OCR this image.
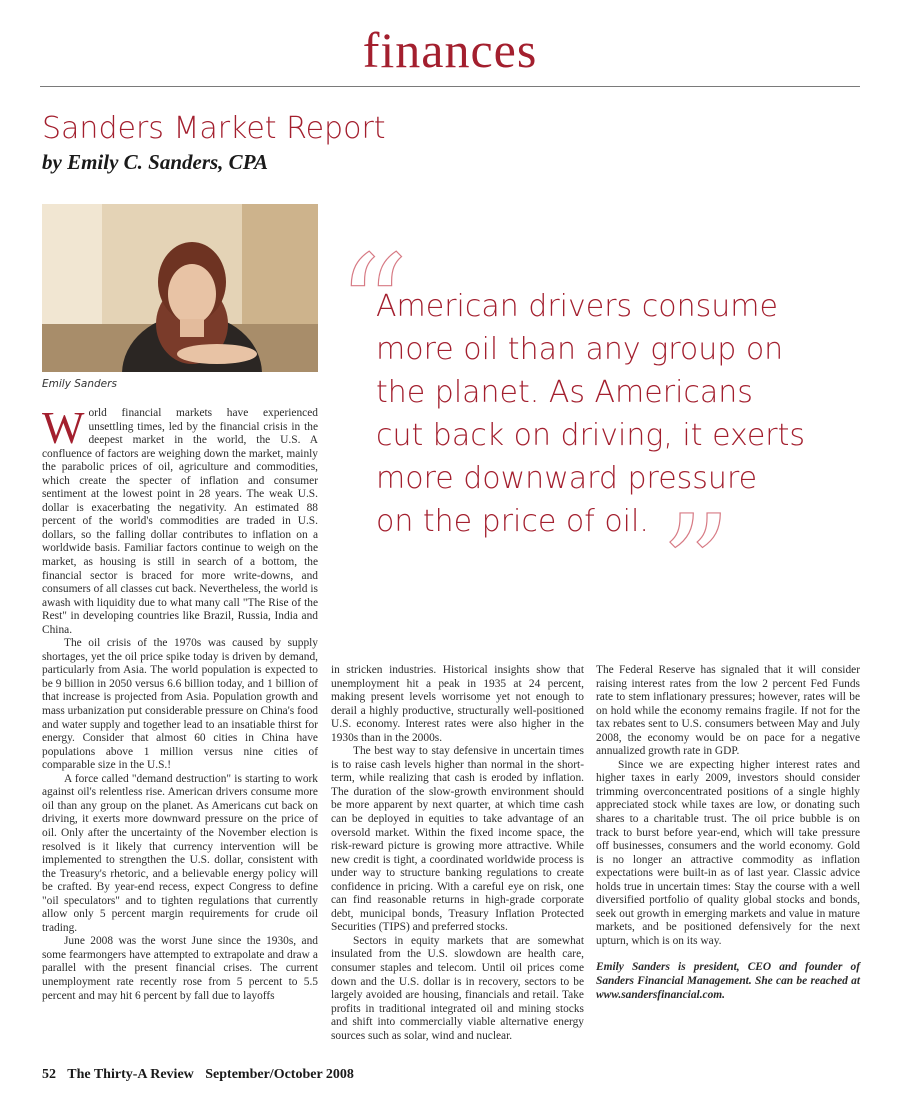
finances
Sanders Market Report
by Emily C. Sanders, CPA
Emily Sanders “
American drivers consume
more oil than any group on
the planet. As Americans
cut back on driving, it exerts
more downward pressure
on the price of oil. ”

World financial markets have experienced unsettling times, led by the financial crisis in the deepest market in the world, the U.S. A confluence of factors are weighing down the market, mainly the parabolic prices of oil, agriculture and commodities, which create the specter of inflation and consumer sentiment at the lowest point in 28 years. The weak U.S. dollar is exacerbating the negativity. An estimated 88 percent of the world's commodities are traded in U.S. dollars, so the falling dollar contributes to inflation on a worldwide basis. Familiar factors continue to weigh on the market, as housing is still in search of a bottom, the financial sector is braced for more write-downs, and consumers of all classes cut back. Nevertheless, the world is awash with liquidity due to what many call "The Rise of the Rest" in developing countries like Brazil, Russia, India and China.

The oil crisis of the 1970s was caused by supply shortages, yet the oil price spike today is driven by demand, particularly from Asia. The world population is expected to be 9 billion in 2050 versus 6.6 billion today, and 1 billion of that increase is projected from Asia. Population growth and mass urbanization put considerable pressure on China's food and water supply and together lead to an insatiable thirst for energy. Consider that almost 60 cities in China have populations above 1 million versus nine cities of comparable size in the U.S.!

A force called "demand destruction" is starting to work against oil's relentless rise. American drivers consume more oil than any group on the planet. As Americans cut back on driving, it exerts more downward pressure on the price of oil. Only after the uncertainty of the November election is resolved is it likely that currency intervention will be implemented to strengthen the U.S. dollar, consistent with the Treasury's rhetoric, and a believable energy policy will be crafted. By year-end recess, expect Congress to define "oil speculators" and to tighten regulations that currently allow only 5 percent margin requirements for crude oil trading.

June 2008 was the worst June since the 1930s, and some fearmongers have attempted to extrapolate and draw a parallel with the present financial crises. The current unemployment rate recently rose from 5 percent to 5.5 percent and may hit 6 percent by fall due to layoffs

in stricken industries. Historical insights show that unemployment hit a peak in 1935 at 24 percent, making present levels worrisome yet not enough to derail a highly productive, structurally well-positioned U.S. economy. Interest rates were also higher in the 1930s than in the 2000s.

The best way to stay defensive in uncertain times is to raise cash levels higher than normal in the short-term, while realizing that cash is eroded by inflation. The duration of the slow-growth environment should be more apparent by next quarter, at which time cash can be deployed in equities to take advantage of an oversold market. Within the fixed income space, the risk-reward picture is growing more attractive. While new credit is tight, a coordinated worldwide process is under way to structure banking regulations to create confidence in pricing. With a careful eye on risk, one can find reasonable returns in high-grade corporate debt, municipal bonds, Treasury Inflation Protected Securities (TIPS) and preferred stocks.

Sectors in equity markets that are somewhat insulated from the U.S. slowdown are health care, consumer staples and telecom. Until oil prices come down and the U.S. dollar is in recovery, sectors to be largely avoided are housing, financials and retail. Take profits in traditional integrated oil and mining stocks and shift into commercially viable alternative energy sources such as solar, wind and nuclear.

The Federal Reserve has signaled that it will consider raising interest rates from the low 2 percent Fed Funds rate to stem inflationary pressures; however, rates will be on hold while the economy remains fragile. If not for the tax rebates sent to U.S. consumers between May and July 2008, the economy would be on pace for a negative annualized growth rate in GDP.

Since we are expecting higher interest rates and higher taxes in early 2009, investors should consider trimming overconcentrated positions of a single highly appreciated stock while taxes are low, or donating such shares to a charitable trust. The oil price bubble is on track to burst before year-end, which will take pressure off businesses, consumers and the world economy. Gold is no longer an attractive commodity as inflation expectations were built-in as of last year. Classic advice holds true in uncertain times: Stay the course with a well diversified portfolio of quality global stocks and bonds, seek out growth in emerging markets and value in mature markets, and be positioned defensively for the next upturn, which is on its way.

Emily Sanders is president, CEO and founder of Sanders Financial Management. She can be reached at www.sandersfinancial.com.

52 The Thirty-A Review September/October 2008
